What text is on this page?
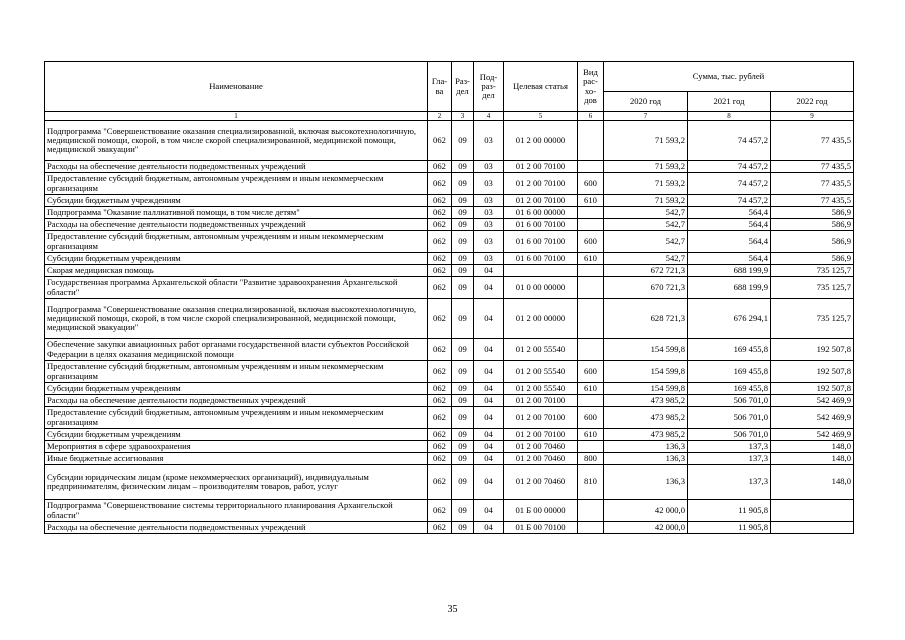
Наименование	Гла-ва	Раз-дел	Под-раз-дел	Целевая статья	Вид рас-хо-дов	Сумма, тыс. рублей		
						2020 год	2021 год	2022 год
1	2	3	4	5	6	7	8	9
Подпрограмма "Совершенствование оказания специализированной, включая высокотехнологичную, медицинской помощи, скорой, в том числе скорой специализированной, медицинской помощи, медицинской эвакуации"	062	09	03	01 2 00 00000		71 593,2	74 457,2	77 435,5
Расходы на обеспечение деятельности подведомственных учреждений	062	09	03	01 2 00 70100		71 593,2	74 457,2	77 435,5
Предоставление субсидий бюджетным, автономным учреждениям и иным некоммерческим организациям	062	09	03	01 2 00 70100	600	71 593,2	74 457,2	77 435,5
Субсидии бюджетным учреждениям	062	09	03	01 2 00 70100	610	71 593,2	74 457,2	77 435,5
Подпрограмма "Оказание паллиативной помощи, в том числе детям"	062	09	03	01 6 00 00000		542,7	564,4	586,9
Расходы на обеспечение деятельности подведомственных учреждений	062	09	03	01 6 00 70100		542,7	564,4	586,9
Предоставление субсидий бюджетным, автономным учреждениям и иным некоммерческим организациям	062	09	03	01 6 00 70100	600	542,7	564,4	586,9
Субсидии бюджетным учреждениям	062	09	03	01 6 00 70100	610	542,7	564,4	586,9
Скорая медицинская помощь	062	09	04			672 721,3	688 199,9	735 125,7
Государственная программа Архангельской области "Развитие здравоохранения Архангельской области"	062	09	04	01 0 00 00000		670 721,3	688 199,9	735 125,7
Подпрограмма "Совершенствование оказания специализированной, включая высокотехнологичную, медицинской помощи, скорой, в том числе скорой специализированной, медицинской помощи, медицинской эвакуации"	062	09	04	01 2 00 00000		628 721,3	676 294,1	735 125,7
Обеспечение закупки авиационных работ органами государственной власти субъектов Российской Федерации в целях оказания медицинской помощи	062	09	04	01 2 00 55540		154 599,8	169 455,8	192 507,8
Предоставление субсидий бюджетным, автономным учреждениям и иным некоммерческим организациям	062	09	04	01 2 00 55540	600	154 599,8	169 455,8	192 507,8
Субсидии бюджетным учреждениям	062	09	04	01 2 00 55540	610	154 599,8	169 455,8	192 507,8
Расходы на обеспечение деятельности подведомственных учреждений	062	09	04	01 2 00 70100		473 985,2	506 701,0	542 469,9
Предоставление субсидий бюджетным, автономным учреждениям и иным некоммерческим организациям	062	09	04	01 2 00 70100	600	473 985,2	506 701,0	542 469,9
Субсидии бюджетным учреждениям	062	09	04	01 2 00 70100	610	473 985,2	506 701,0	542 469,9
Мероприятия в сфере здравоохранения	062	09	04	01 2 00 70460		136,3	137,3	148,0
Иные бюджетные ассигнования	062	09	04	01 2 00 70460	800	136,3	137,3	148,0
Субсидии юридическим лицам (кроме некоммерческих организаций), индивидуальным предпринимателям, физическим лицам – производителям товаров, работ, услуг	062	09	04	01 2 00 70460	810	136,3	137,3	148,0
Подпрограмма "Совершенствование системы территориального планирования Архангельской области"	062	09	04	01 Б 00 00000		42 000,0	11 905,8	
Расходы на обеспечение деятельности подведомственных учреждений	062	09	04	01 Б 00 70100		42 000,0	11 905,8	
35
